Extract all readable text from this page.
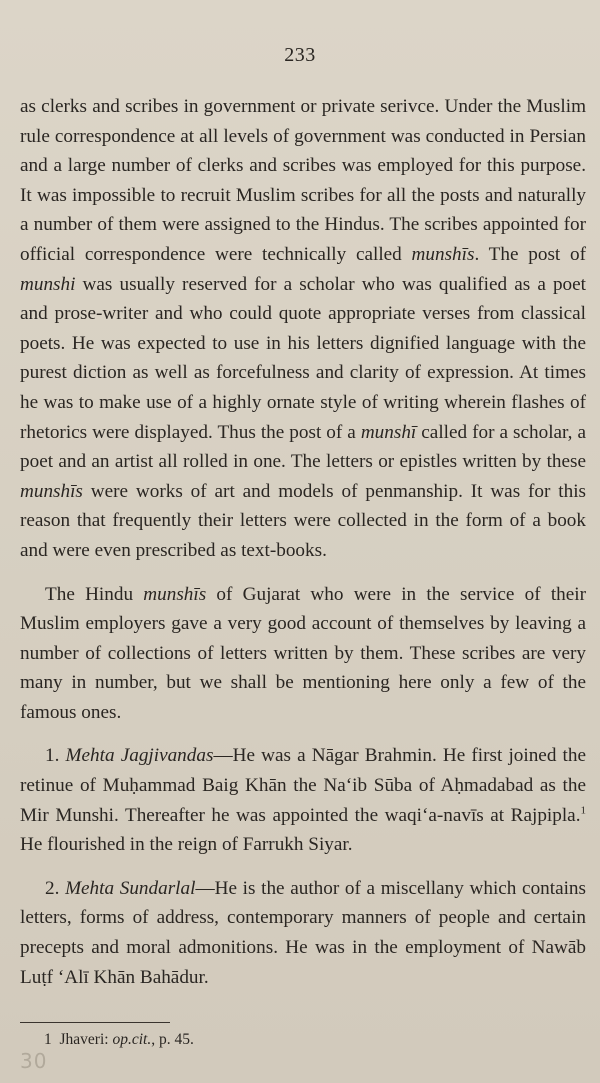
233

as clerks and scribes in government or private serivce. Under the Muslim rule correspondence at all levels of government was conducted in Persian and a large number of clerks and scribes was employed for this purpose. It was impossible to recruit Muslim scribes for all the posts and naturally a number of them were assigned to the Hindus. The scribes appointed for official correspondence were technically called munshīs. The post of munshi was usually reserved for a scholar who was qualified as a poet and prose-writer and who could quote appropriate verses from classical poets. He was expected to use in his letters dignified language with the purest diction as well as forcefulness and clarity of expression. At times he was to make use of a highly ornate style of writing wherein flashes of rhetorics were displayed. Thus the post of a munshī called for a scholar, a poet and an artist all rolled in one. The letters or epistles written by these munshīs were works of art and models of penmanship. It was for this reason that frequently their letters were collected in the form of a book and were even prescribed as text-books.

The Hindu munshīs of Gujarat who were in the service of their Muslim employers gave a very good account of themselves by leaving a number of collections of letters written by them. These scribes are very many in number, but we shall be mentioning here only a few of the famous ones.

1. Mehta Jagjivandas—He was a Nāgar Brahmin. He first joined the retinue of Muḥammad Baig Khān the Na‘ib Sūba of Aḥmadabad as the Mir Munshi. Thereafter he was appointed the waqi‘a-navīs at Rajpipla.$^1$ He flourished in the reign of Farrukh Siyar.

2. Mehta Sundarlal—He is the author of a miscellany which contains letters, forms of address, contemporary manners of people and certain precepts and moral admonitions. He was in the employment of Nawāb Luṭf ‘Alī Khān Bahādur.

1  Jhaveri: op.cit., p. 45.
30
